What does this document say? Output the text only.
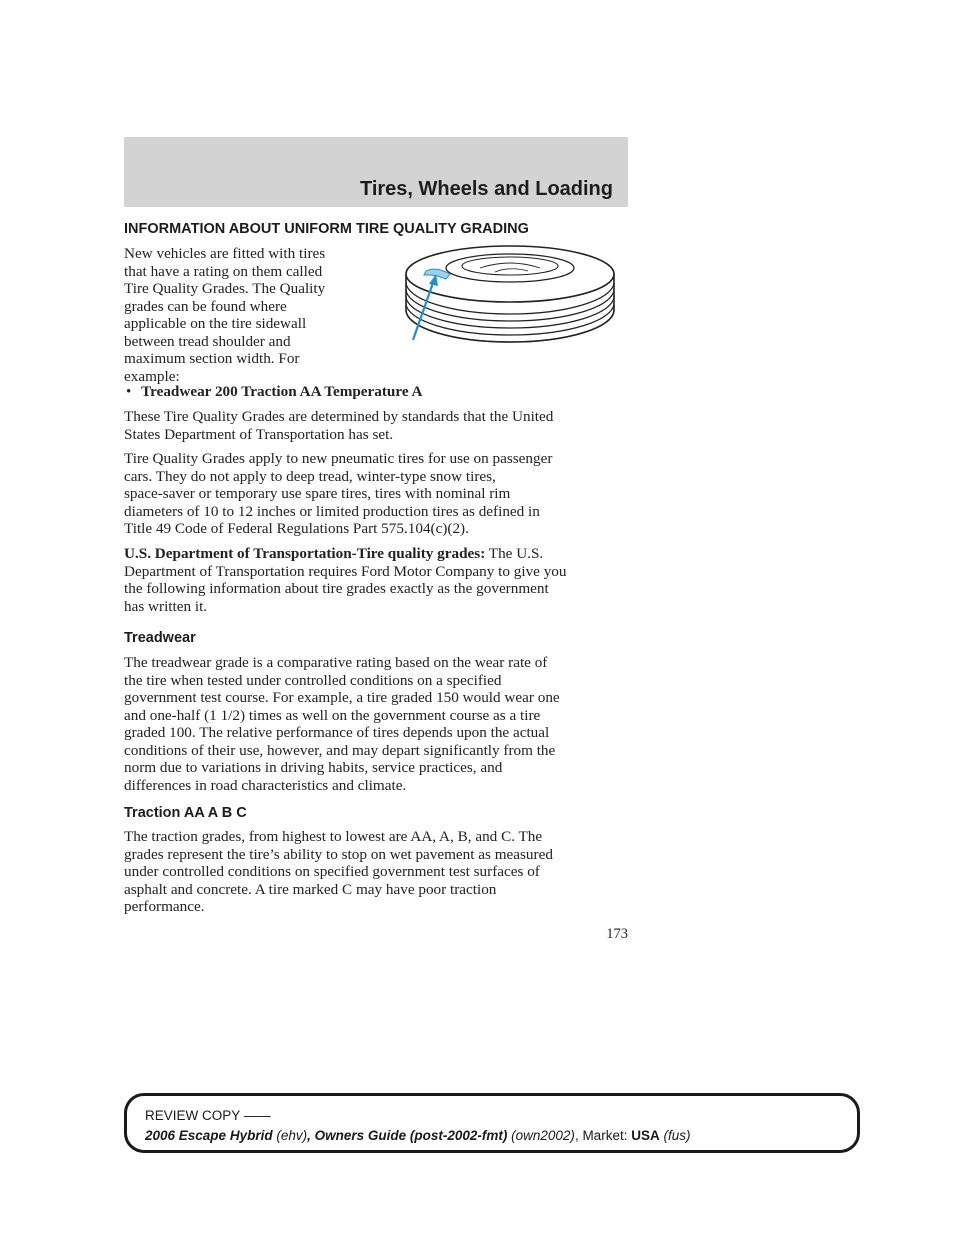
Tires, Wheels and Loading
INFORMATION ABOUT UNIFORM TIRE QUALITY GRADING
New vehicles are fitted with tires
that have a rating on them called
Tire Quality Grades. The Quality
grades can be found where
applicable on the tire sidewall
between tread shoulder and
maximum section width. For
example:
• Treadwear 200 Traction AA Temperature A
These Tire Quality Grades are determined by standards that the United
States Department of Transportation has set.
Tire Quality Grades apply to new pneumatic tires for use on passenger
cars. They do not apply to deep tread, winter-type snow tires,
space-saver or temporary use spare tires, tires with nominal rim
diameters of 10 to 12 inches or limited production tires as defined in
Title 49 Code of Federal Regulations Part 575.104(c)(2).
U.S. Department of Transportation-Tire quality grades: The U.S.
Department of Transportation requires Ford Motor Company to give you
the following information about tire grades exactly as the government
has written it.
Treadwear
The treadwear grade is a comparative rating based on the wear rate of
the tire when tested under controlled conditions on a specified
government test course. For example, a tire graded 150 would wear one
and one-half (1 1/2) times as well on the government course as a tire
graded 100. The relative performance of tires depends upon the actual
conditions of their use, however, and may depart significantly from the
norm due to variations in driving habits, service practices, and
differences in road characteristics and climate.
Traction AA A B C
The traction grades, from highest to lowest are AA, A, B, and C. The
grades represent the tire’s ability to stop on wet pavement as measured
under controlled conditions on specified government test surfaces of
asphalt and concrete. A tire marked C may have poor traction
performance.
173
REVIEW COPY ——
2006 Escape Hybrid (ehv), Owners Guide (post-2002-fmt) (own2002), Market: USA (fus)
